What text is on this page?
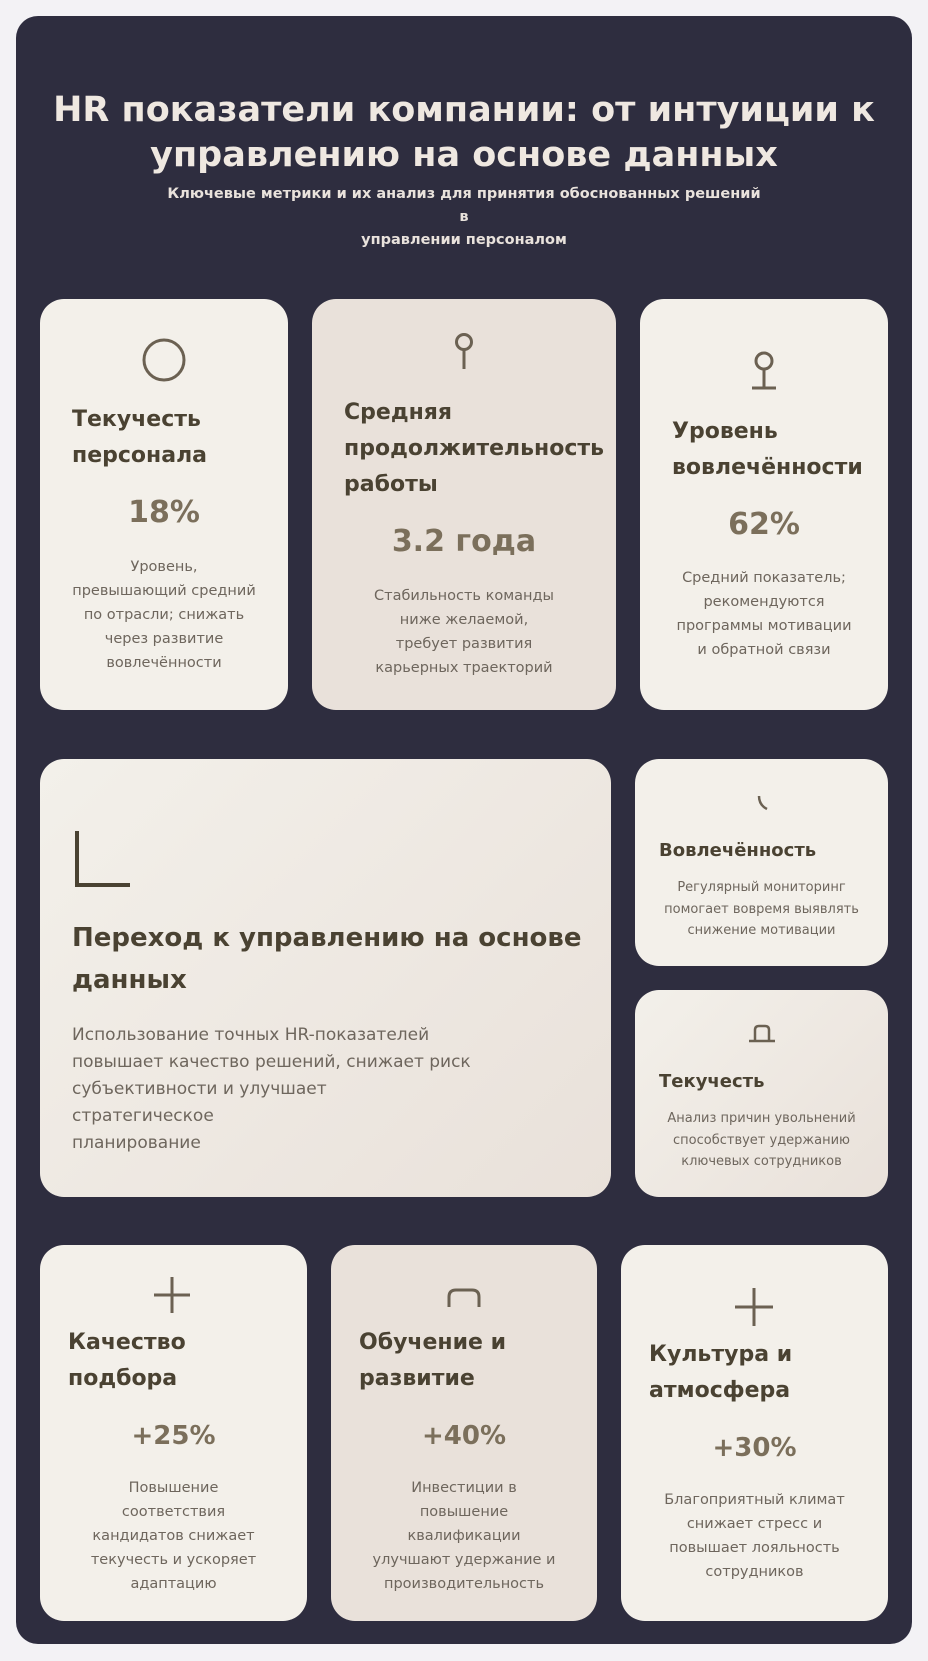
HR показатели компании: от интуиции к
управлению на основе данных
Ключевые метрики и их анализ для принятия обоснованных решений в
управлении персоналом
Текучесть
персонала
18%
Уровень,
превышающий средний
по отрасли; снижать
через развитие
вовлечённости
Средняя
продолжительность
работы
3.2 года
Стабильность команды
ниже желаемой,
требует развития
карьерных траекторий
Уровень
вовлечённости
62%
Средний показатель;
рекомендуются
программы мотивации
и обратной связи
Переход к управлению на основе
данных
Использование точных HR-показателей
повышает качество решений, снижает риск
субъективности и улучшает стратегическое
планирование
Вовлечённость
Регулярный мониторинг
помогает вовремя выявлять
снижение мотивации
Текучесть
Анализ причин увольнений
способствует удержанию
ключевых сотрудников
Качество
подбора
+25%
Повышение
соответствия
кандидатов снижает
текучесть и ускоряет
адаптацию
Обучение и
развитие
+40%
Инвестиции в
повышение
квалификации
улучшают удержание и
производительность
Культура и
атмосфера
+30%
Благоприятный климат
снижает стресс и
повышает лояльность
сотрудников
